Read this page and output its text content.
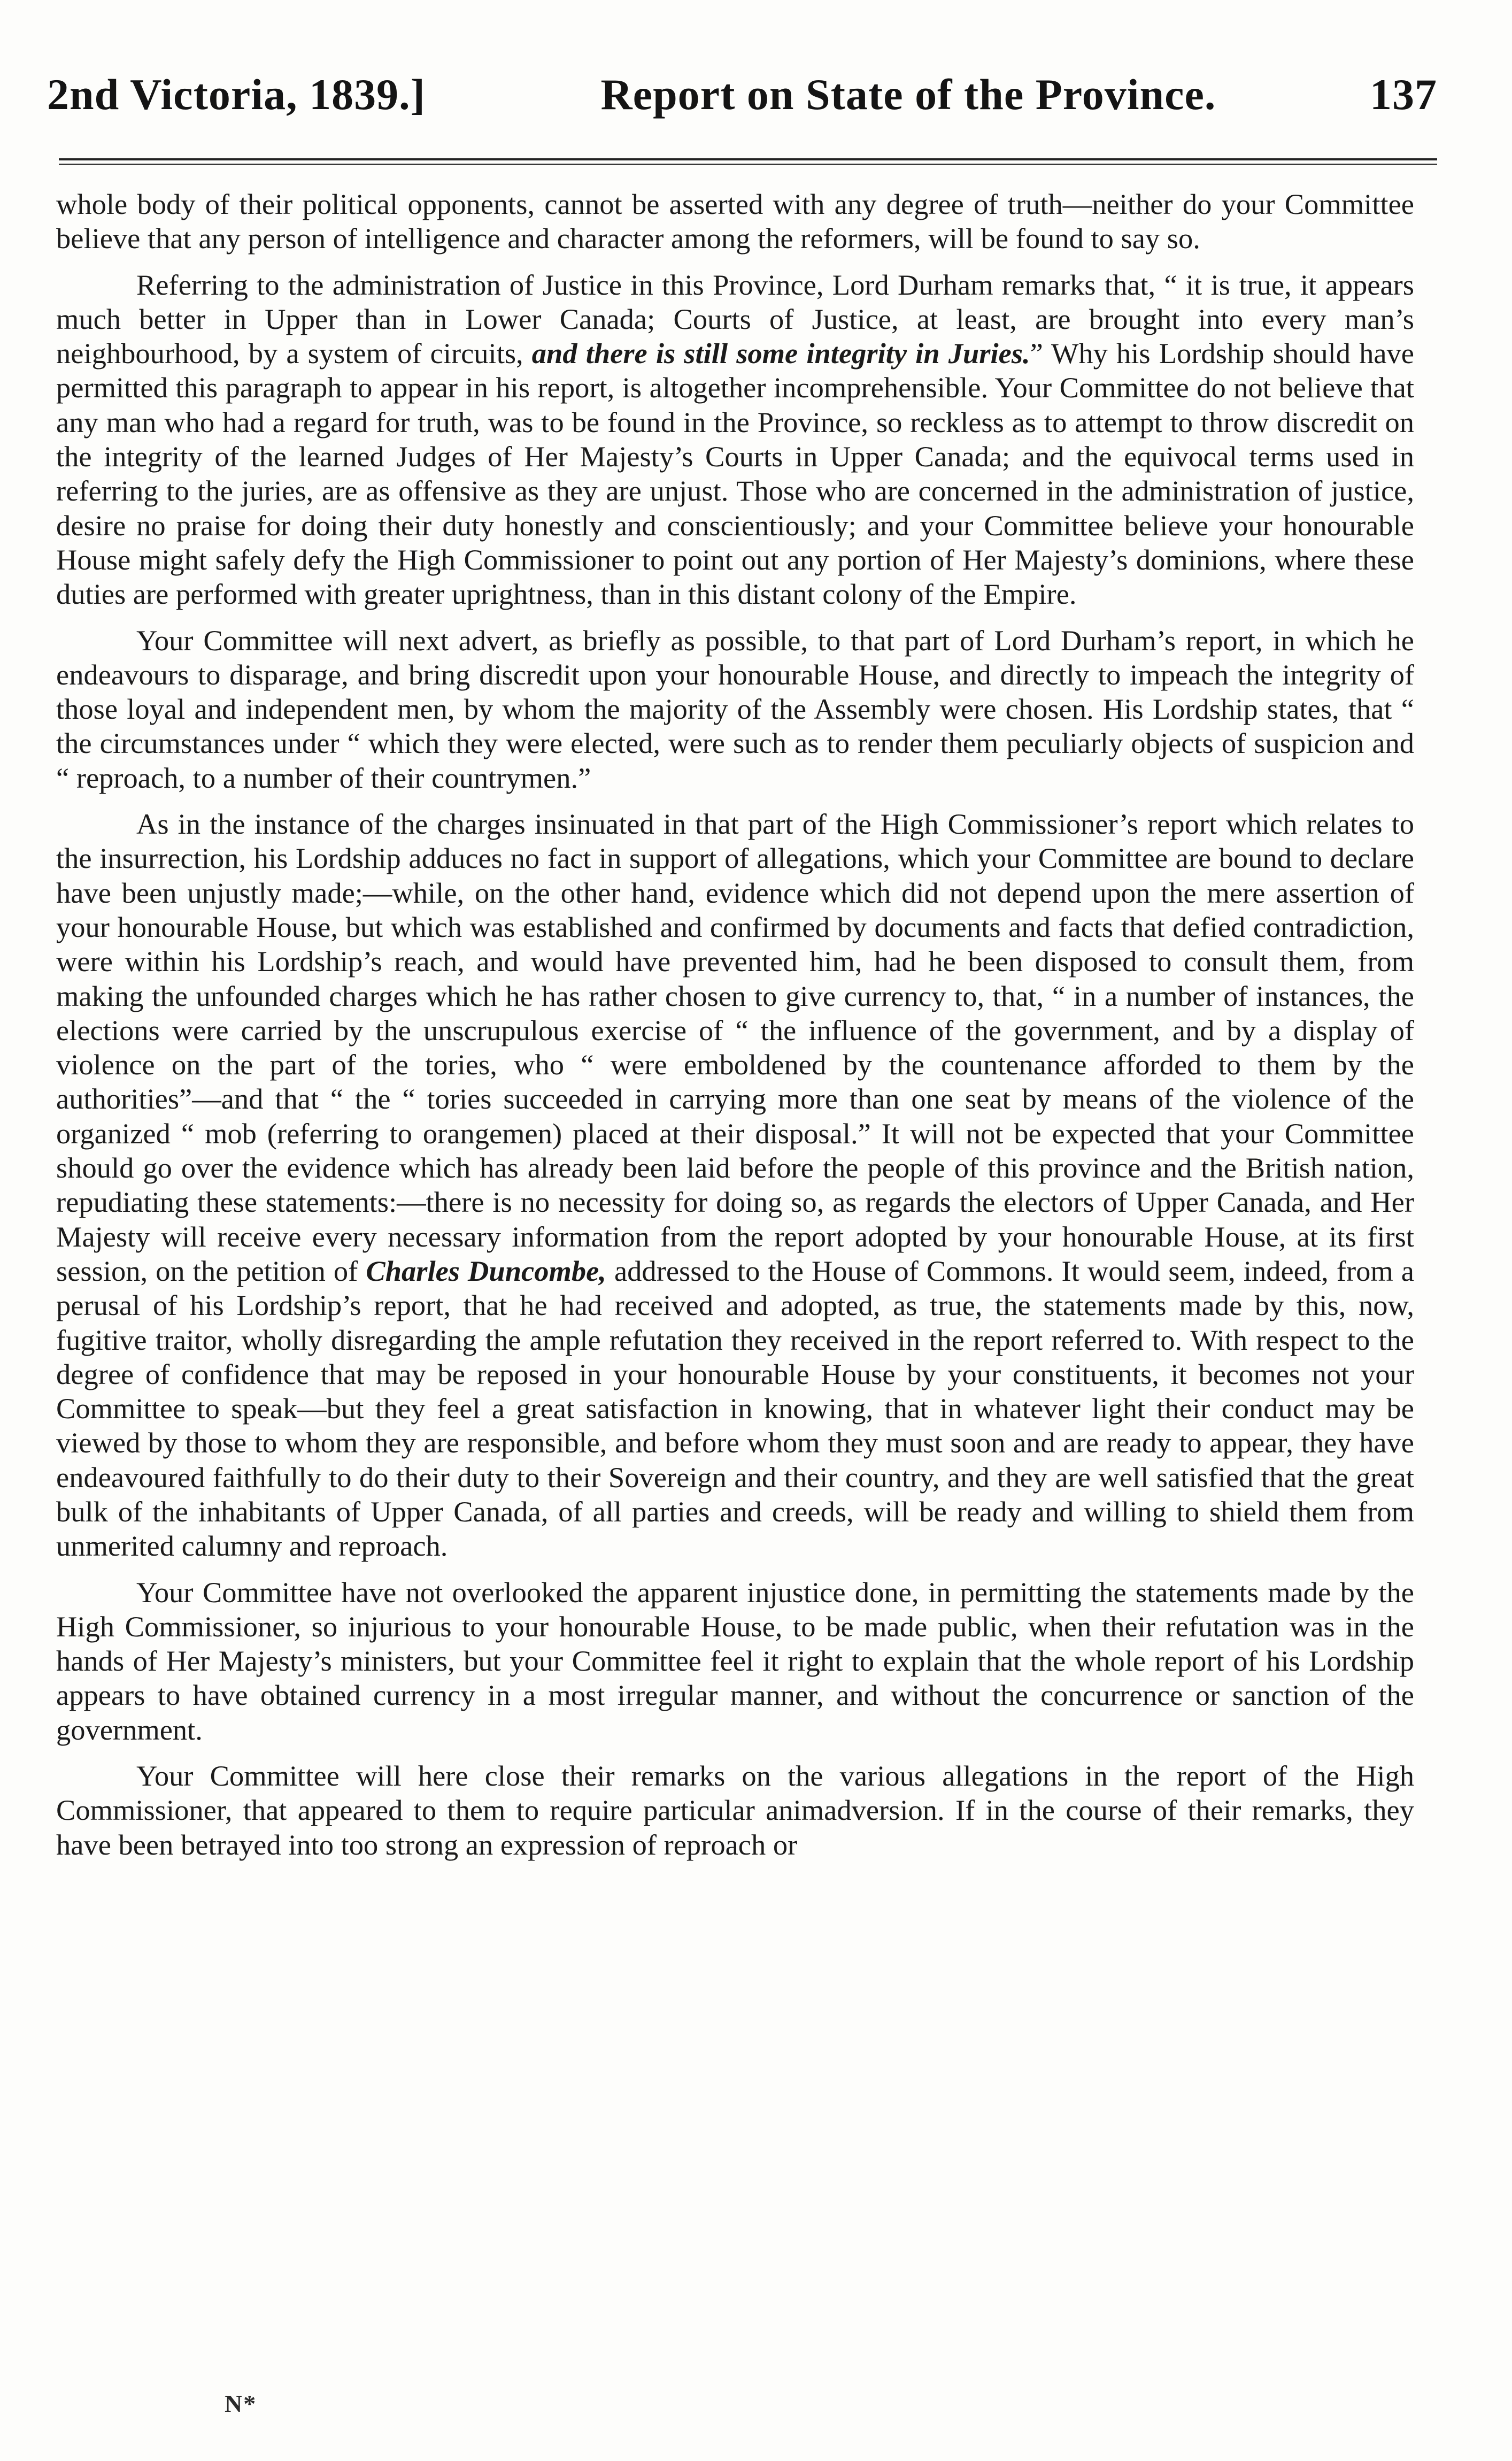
2nd Victoria, 1839.]	Report on State of the Province.	137

whole body of their political opponents, cannot be asserted with any degree of truth—neither do your Committee believe that any person of intelligence and character among the reformers, will be found to say so.

Referring to the administration of Justice in this Province, Lord Durham remarks that, “ it is true, it appears much better in Upper than in Lower Canada; Courts of Justice, at least, are brought into every man’s neighbourhood, by a system of circuits, and there is still some integrity in Juries.” Why his Lordship should have permitted this paragraph to appear in his report, is altogether incomprehensible. Your Committee do not believe that any man who had a regard for truth, was to be found in the Province, so reckless as to attempt to throw discredit on the integrity of the learned Judges of Her Majesty’s Courts in Upper Canada; and the equivocal terms used in referring to the juries, are as offensive as they are unjust. Those who are concerned in the administration of justice, desire no praise for doing their duty honestly and conscientiously; and your Committee believe your honourable House might safely defy the High Commissioner to point out any portion of Her Majesty’s dominions, where these duties are performed with greater uprightness, than in this distant colony of the Empire.

Your Committee will next advert, as briefly as possible, to that part of Lord Durham’s report, in which he endeavours to disparage, and bring discredit upon your honourable House, and directly to impeach the integrity of those loyal and independent men, by whom the majority of the Assembly were chosen. His Lordship states, that “ the circumstances under “ which they were elected, were such as to render them peculiarly objects of suspicion and “ reproach, to a number of their countrymen.”

As in the instance of the charges insinuated in that part of the High Commissioner’s report which relates to the insurrection, his Lordship adduces no fact in support of allegations, which your Committee are bound to declare have been unjustly made;—while, on the other hand, evidence which did not depend upon the mere assertion of your honourable House, but which was established and confirmed by documents and facts that defied contradiction, were within his Lordship’s reach, and would have prevented him, had he been disposed to consult them, from making the unfounded charges which he has rather chosen to give currency to, that, “ in a number of instances, the elections were carried by the unscrupulous exercise of “ the influence of the government, and by a display of violence on the part of the tories, who “ were emboldened by the countenance afforded to them by the authorities”—and that “ the “ tories succeeded in carrying more than one seat by means of the violence of the organized “ mob (referring to orangemen) placed at their disposal.” It will not be expected that your Committee should go over the evidence which has already been laid before the people of this province and the British nation, repudiating these statements:—there is no necessity for doing so, as regards the electors of Upper Canada, and Her Majesty will receive every necessary information from the report adopted by your honourable House, at its first session, on the petition of Charles Duncombe, addressed to the House of Commons. It would seem, indeed, from a perusal of his Lordship’s report, that he had received and adopted, as true, the statements made by this, now, fugitive traitor, wholly disregarding the ample refutation they received in the report referred to. With respect to the degree of confidence that may be reposed in your honourable House by your constituents, it becomes not your Committee to speak—but they feel a great satisfaction in knowing, that in whatever light their conduct may be viewed by those to whom they are responsible, and before whom they must soon and are ready to appear, they have endeavoured faithfully to do their duty to their Sovereign and their country, and they are well satisfied that the great bulk of the inhabitants of Upper Canada, of all parties and creeds, will be ready and willing to shield them from unmerited calumny and reproach.

Your Committee have not overlooked the apparent injustice done, in permitting the statements made by the High Commissioner, so injurious to your honourable House, to be made public, when their refutation was in the hands of Her Majesty’s ministers, but your Committee feel it right to explain that the whole report of his Lordship appears to have obtained currency in a most irregular manner, and without the concurrence or sanction of the government.

Your Committee will here close their remarks on the various allegations in the report of the High Commissioner, that appeared to them to require particular animadversion. If in the course of their remarks, they have been betrayed into too strong an expression of reproach or

N*
